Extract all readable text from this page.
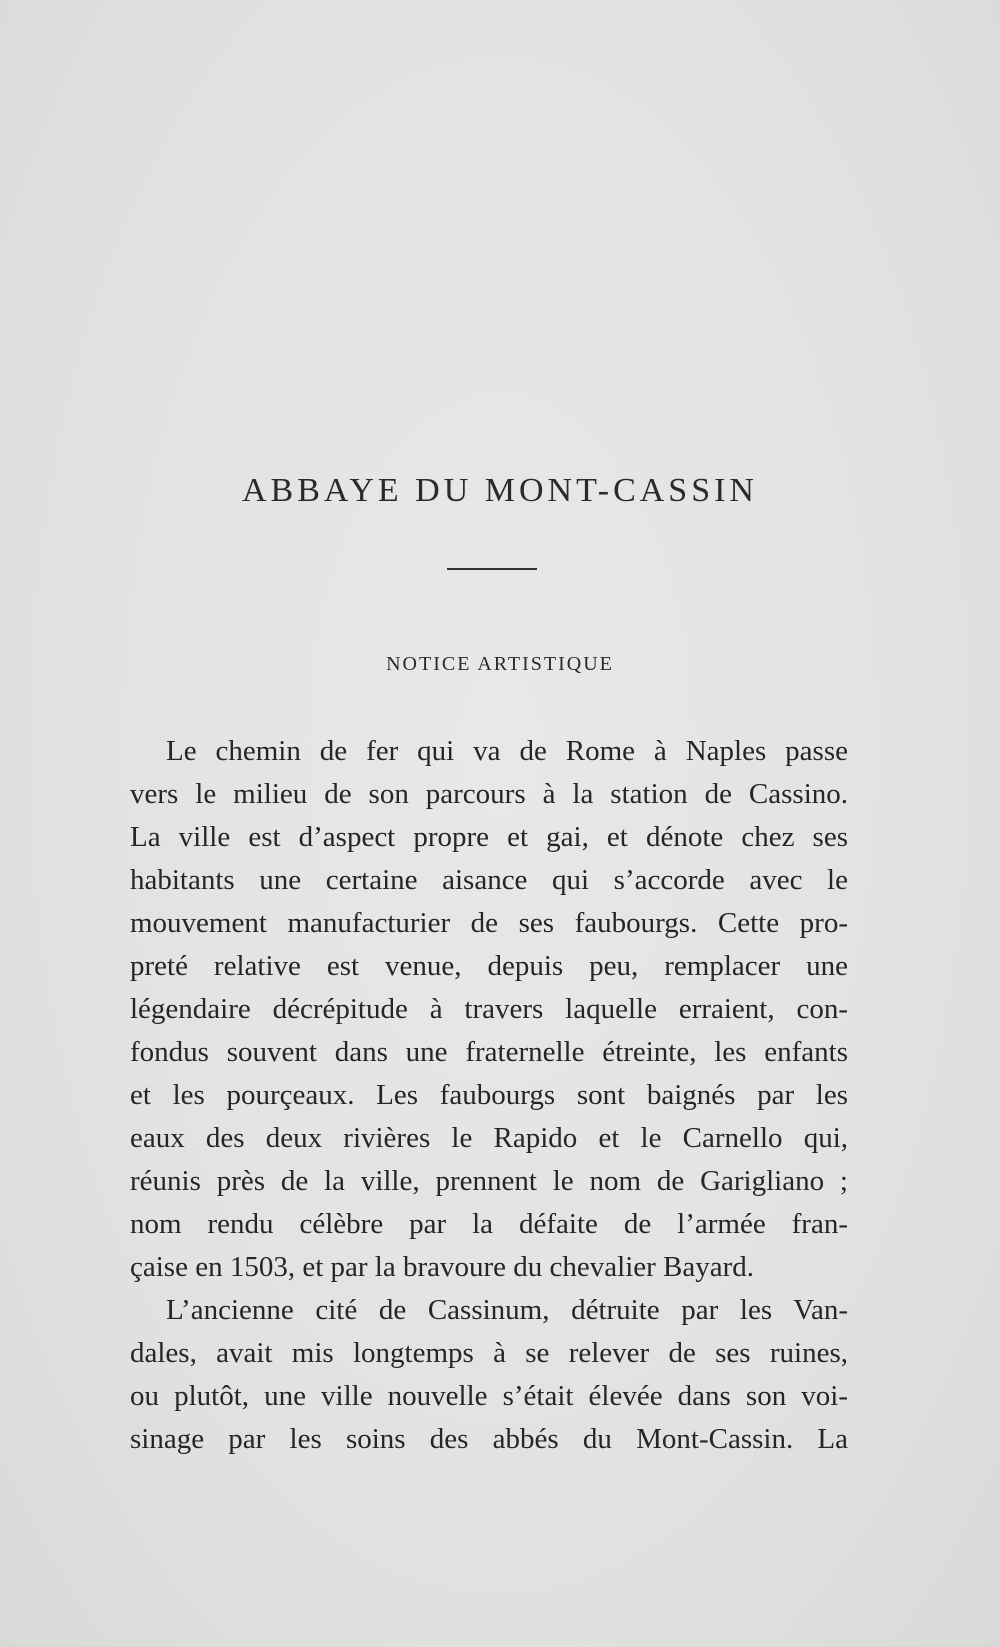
ABBAYE DU MONT-CASSIN
NOTICE ARTISTIQUE
Le chemin de fer qui va de Rome à Naples passe
vers le milieu de son parcours à la station de Cassino.
La ville est d’aspect propre et gai, et dénote chez ses
habitants une certaine aisance qui s’accorde avec le
mouvement manufacturier de ses faubourgs. Cette pro-
preté relative est venue, depuis peu, remplacer une
légendaire décrépitude à travers laquelle erraient, con-
fondus souvent dans une fraternelle étreinte, les enfants
et les pourçeaux. Les faubourgs sont baignés par les
eaux des deux rivières le Rapido et le Carnello qui,
réunis près de la ville, prennent le nom de Garigliano ;
nom rendu célèbre par la défaite de l’armée fran-
çaise en 1503, et par la bravoure du chevalier Bayard.
L’ancienne cité de Cassinum, détruite par les Van-
dales, avait mis longtemps à se relever de ses ruines,
ou plutôt, une ville nouvelle s’était élevée dans son voi-
sinage par les soins des abbés du Mont-Cassin. La
